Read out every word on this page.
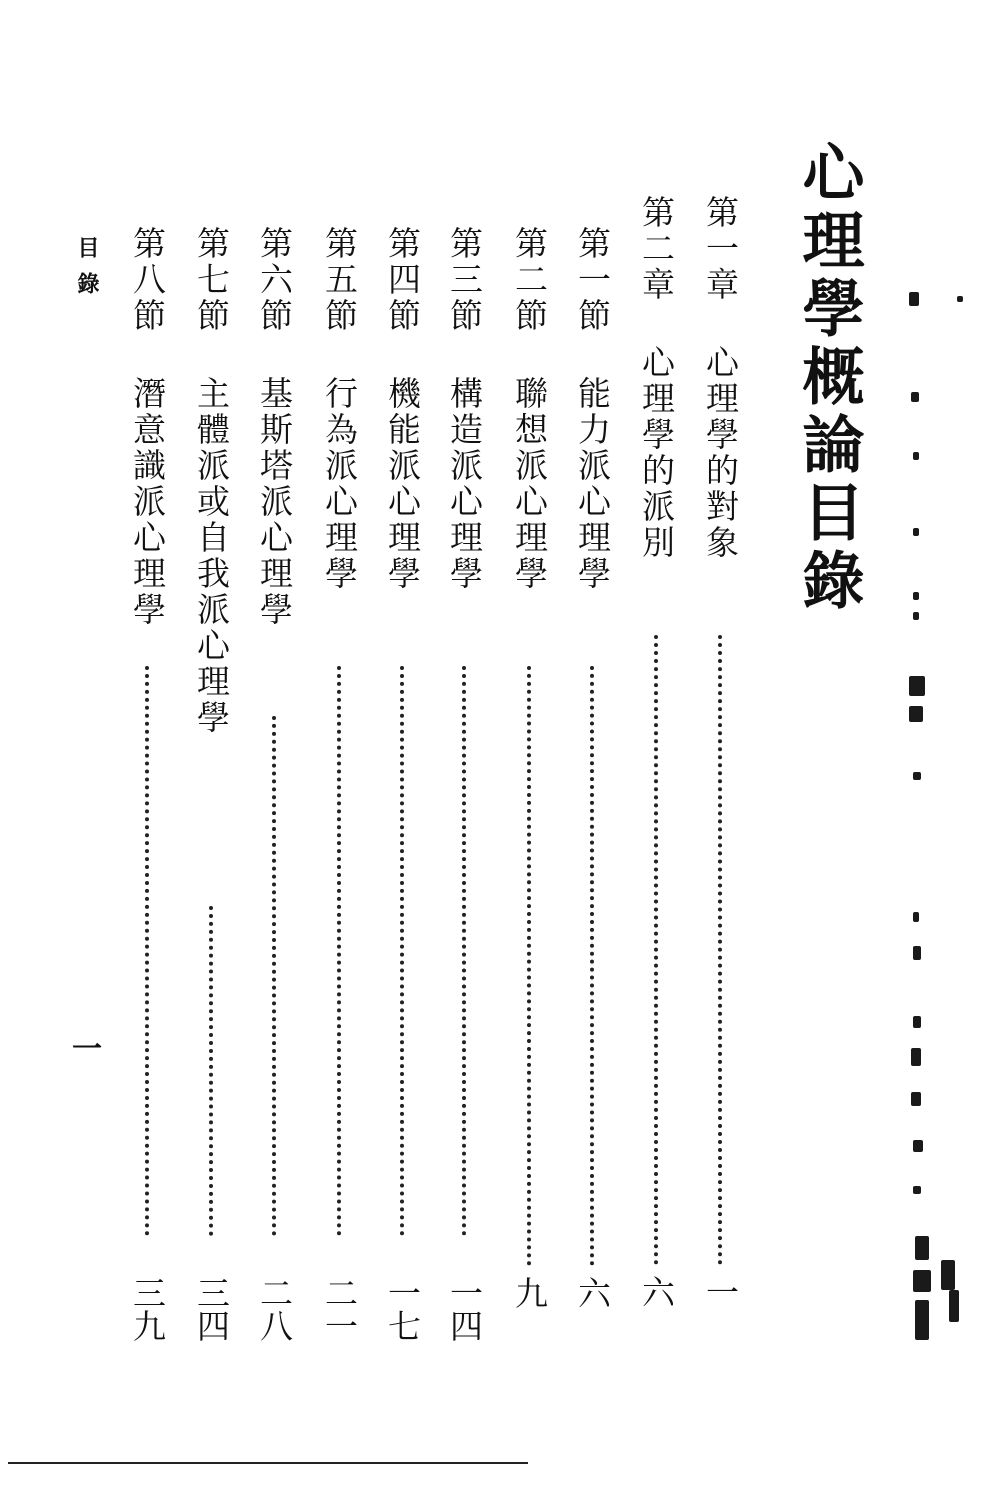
心理學概論目錄
第一章
心理學的對象
一
第二章
心理學的派別
六
第一節
能力派心理學
六
第二節
聯想派心理學
九
第三節
構造派心理學
一四
第四節
機能派心理學
一七
第五節
行為派心理學
二一
第六節
基斯塔派心理學
二八
第七節
主體派或自我派心理學
三四
第八節
潛意識派心理學
三九
目錄
一
